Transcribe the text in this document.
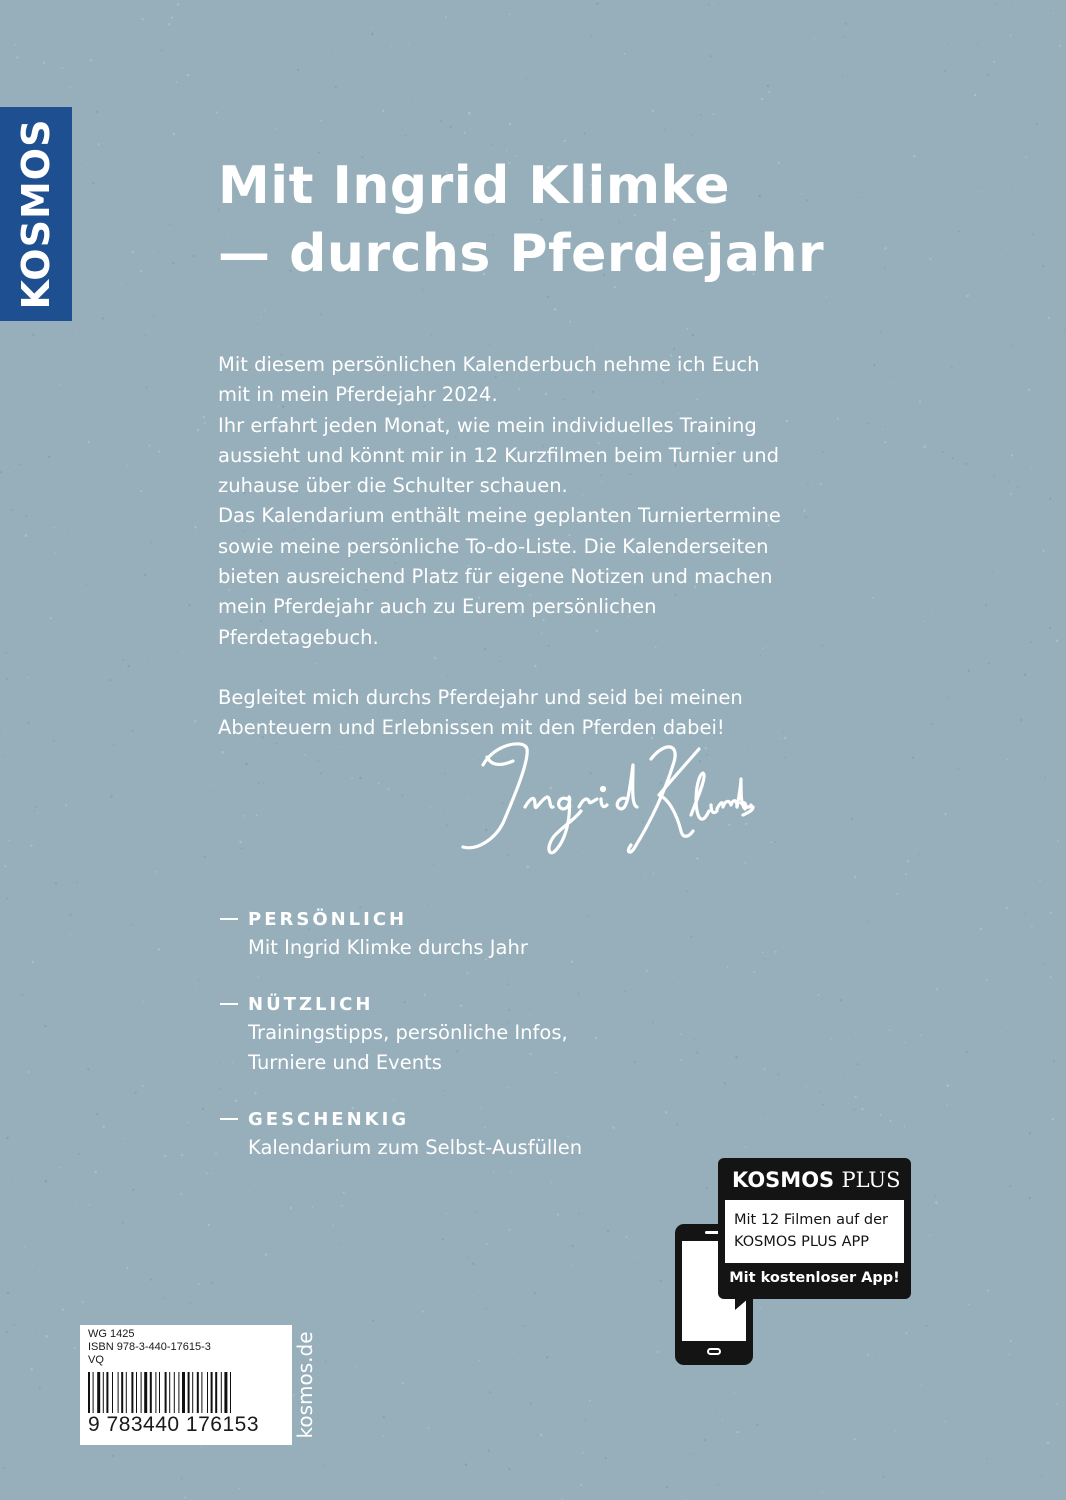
KOSMOS	Mit Ingrid Klimke
— durchs Pferdejahr

Mit diesem persönlichen Kalenderbuch nehme ich Euch
mit in mein Pferdejahr 2024.
Ihr erfahrt jeden Monat, wie mein individuelles Training
aussieht und könnt mir in 12 Kurzfilmen beim Turnier und
zuhause über die Schulter schauen.
Das Kalendarium enthält meine geplanten Turniertermine
sowie meine persönliche To-do-Liste. Die Kalenderseiten
bieten ausreichend Platz für eigene Notizen und machen
mein Pferdejahr auch zu Eurem persönlichen Pferdetagebuch.

Begleitet mich durchs Pferdejahr und seid bei meinen
Abenteuern und Erlebnissen mit den Pferden dabei!

PERSÖNLICH
Mit Ingrid Klimke durchs Jahr
NÜTZLICH
Trainingstipps, persönliche Infos,
Turniere und Events
GESCHENKIG
Kalendarium zum Selbst-Ausfüllen
KOSMOS PLUS
Mit 12 Filmen auf der
KOSMOS PLUS APP
Mit kostenloser App!
WG 1425
ISBN 978-3-440-17615-3
VQ
9 783440 176153 kosmos.de
